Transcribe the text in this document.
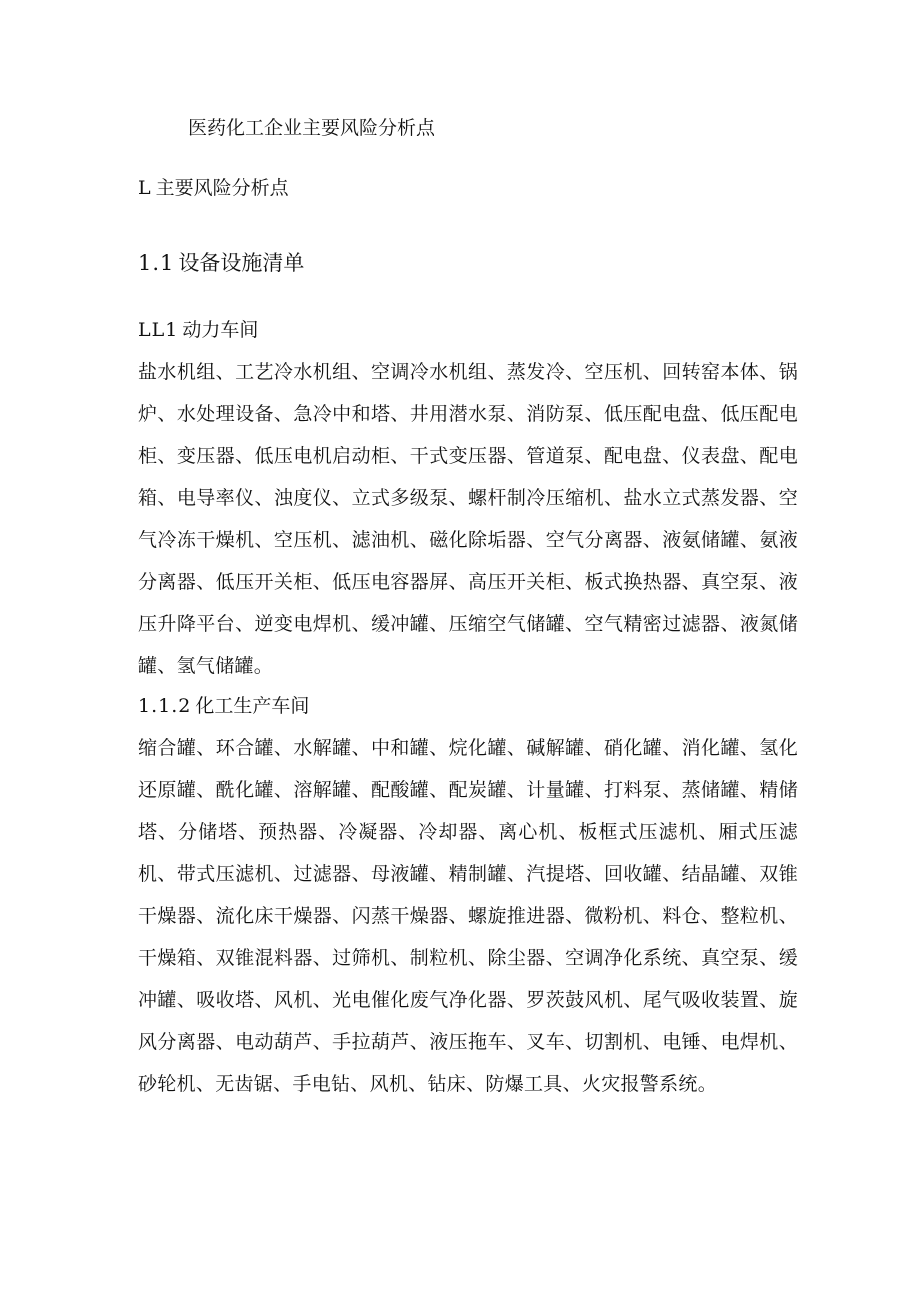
医药化工企业主要风险分析点
L 主要风险分析点
1.1 设备设施清单
LL1 动力车间
盐水机组、工艺冷水机组、空调冷水机组、蒸发冷、空压机、回转窑本体、锅炉、水处理设备、急冷中和塔、井用潜水泵、消防泵、低压配电盘、低压配电柜、变压器、低压电机启动柜、干式变压器、管道泵、配电盘、仪表盘、配电箱、电导率仪、浊度仪、立式多级泵、螺杆制冷压缩机、盐水立式蒸发器、空气冷冻干燥机、空压机、滤油机、磁化除垢器、空气分离器、液氨储罐、氨液分离器、低压开关柜、低压电容器屏、高压开关柜、板式换热器、真空泵、液压升降平台、逆变电焊机、缓冲罐、压缩空气储罐、空气精密过滤器、液氮储罐、氢气储罐。
1.1.2 化工生产车间
缩合罐、环合罐、水解罐、中和罐、烷化罐、碱解罐、硝化罐、消化罐、氢化还原罐、酰化罐、溶解罐、配酸罐、配炭罐、计量罐、打料泵、蒸储罐、精储塔、分储塔、预热器、冷凝器、冷却器、离心机、板框式压滤机、厢式压滤机、带式压滤机、过滤器、母液罐、精制罐、汽提塔、回收罐、结晶罐、双锥干燥器、流化床干燥器、闪蒸干燥器、螺旋推进器、微粉机、料仓、整粒机、干燥箱、双锥混料器、过筛机、制粒机、除尘器、空调净化系统、真空泵、缓冲罐、吸收塔、风机、光电催化废气净化器、罗茨鼓风机、尾气吸收装置、旋风分离器、电动葫芦、手拉葫芦、液压拖车、叉车、切割机、电锤、电焊机、砂轮机、无齿锯、手电钻、风机、钻床、防爆工具、火灾报警系统。
